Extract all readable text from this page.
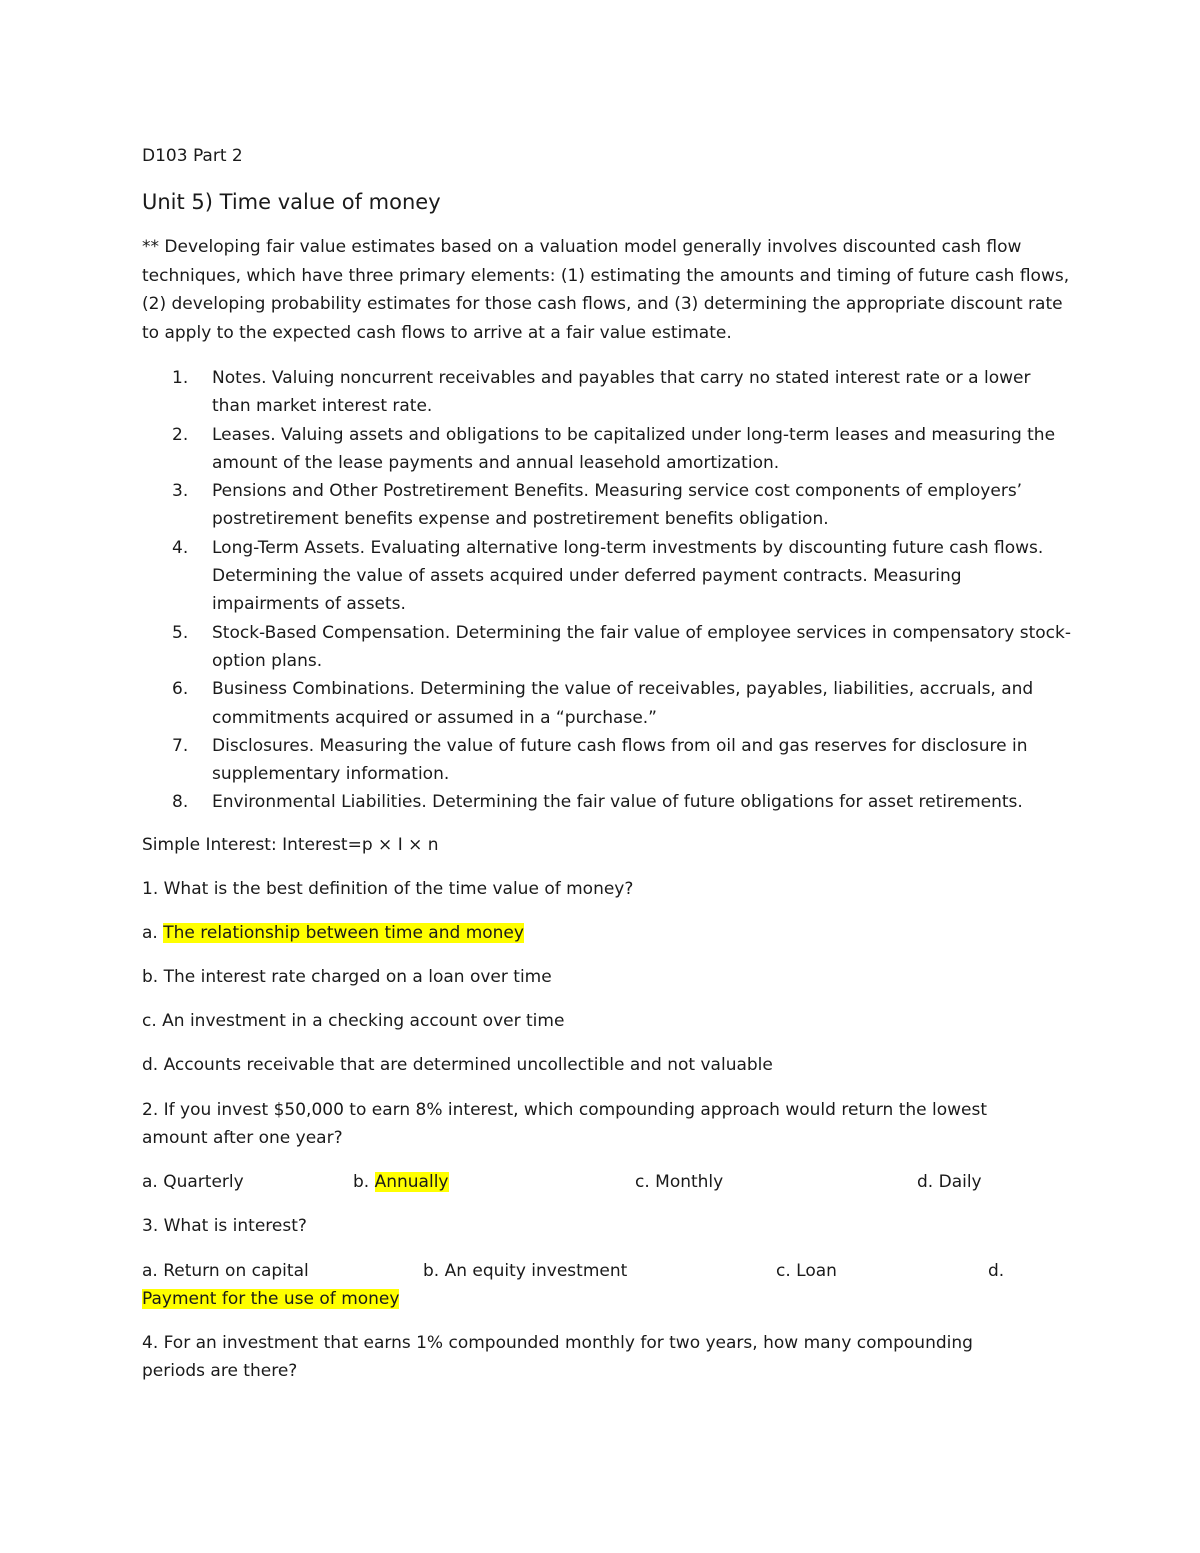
D103 Part 2

Unit 5) Time value of money

** Developing fair value estimates based on a valuation model generally involves discounted cash flow techniques, which have three primary elements: (1) estimating the amounts and timing of future cash flows, (2) developing probability estimates for those cash flows, and (3) determining the appropriate discount rate to apply to the expected cash flows to arrive at a fair value estimate.

1. Notes. Valuing noncurrent receivables and payables that carry no stated interest rate or a lower than market interest rate.
2. Leases. Valuing assets and obligations to be capitalized under long-term leases and measuring the amount of the lease payments and annual leasehold amortization.
3. Pensions and Other Postretirement Benefits. Measuring service cost components of employers’ postretirement benefits expense and postretirement benefits obligation.
4. Long-Term Assets. Evaluating alternative long-term investments by discounting future cash flows. Determining the value of assets acquired under deferred payment contracts. Measuring impairments of assets.
5. Stock-Based Compensation. Determining the fair value of employee services in compensatory stock-option plans.
6. Business Combinations. Determining the value of receivables, payables, liabilities, accruals, and commitments acquired or assumed in a “purchase.”
7. Disclosures. Measuring the value of future cash flows from oil and gas reserves for disclosure in supplementary information.
8. Environmental Liabilities. Determining the fair value of future obligations for asset retirements.

Simple Interest: Interest=p × I × n

1. What is the best definition of the time value of money?

a. The relationship between time and money

b. The interest rate charged on a loan over time

c. An investment in a checking account over time

d. Accounts receivable that are determined uncollectible and not valuable

2. If you invest $50,000 to earn 8% interest, which compounding approach would return the lowest

amount after one year?

a. Quarterly	b. Annually	c. Monthly	d. Daily

3. What is interest?

a. Return on capital	b. An equity investment	c. Loan	d.

Payment for the use of money

4. For an investment that earns 1% compounded monthly for two years, how many compounding

periods are there?
